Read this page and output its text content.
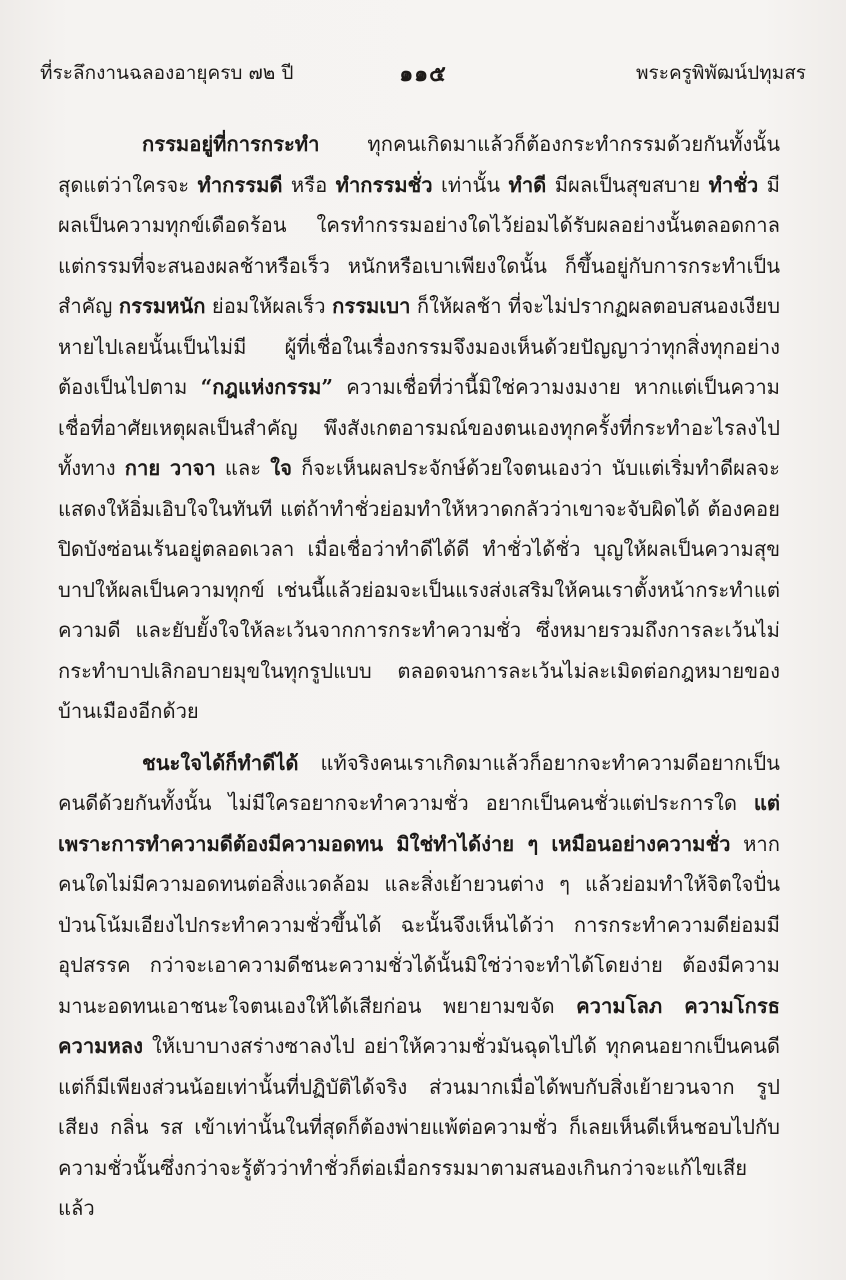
ที่ระลึกงานฉลองอายุครบ ๗๒ ปี	๑๑๕	พระครูพิพัฒน์ปทุมสร

กรรมอยู่ที่การกระทำ ทุกคนเกิดมาแล้วก็ต้องกระทำกรรมด้วยกันทั้งนั้น สุดแต่ว่าใครจะ ทำกรรมดี หรือ ทำกรรมชั่ว เท่านั้น ทำดี มีผลเป็นสุขสบาย ทำชั่ว มีผลเป็นความทุกข์เดือดร้อน ใครทำกรรมอย่างใดไว้ย่อมได้รับผลอย่างนั้นตลอดกาล แต่กรรมที่จะสนองผลช้าหรือเร็ว หนักหรือเบาเพียงใดนั้น ก็ขึ้นอยู่กับการกระทำเป็นสำคัญ กรรมหนัก ย่อมให้ผลเร็ว กรรมเบา ก็ให้ผลช้า ที่จะไม่ปรากฏผลตอบสนองเงียบหายไปเลยนั้นเป็นไม่มี ผู้ที่เชื่อในเรื่องกรรมจึงมองเห็นด้วยปัญญาว่าทุกสิ่งทุกอย่างต้องเป็นไปตาม “กฎแห่งกรรม” ความเชื่อที่ว่านี้มิใช่ความงมงาย หากแต่เป็นความเชื่อที่อาศัยเหตุผลเป็นสำคัญ พึงสังเกตอารมณ์ของตนเองทุกครั้งที่กระทำอะไรลงไป ทั้งทาง กาย วาจา และ ใจ ก็จะเห็นผลประจักษ์ด้วยใจตนเองว่า นับแต่เริ่มทำดีผลจะแสดงให้อิ่มเอิบใจในทันที แต่ถ้าทำชั่วย่อมทำให้หวาดกลัวว่าเขาจะจับผิดได้ ต้องคอยปิดบังซ่อนเร้นอยู่ตลอดเวลา เมื่อเชื่อว่าทำดีได้ดี ทำชั่วได้ชั่ว บุญให้ผลเป็นความสุข บาปให้ผลเป็นความทุกข์ เช่นนี้แล้วย่อมจะเป็นแรงส่งเสริมให้คนเราตั้งหน้ากระทำแต่ความดี และยับยั้งใจให้ละเว้นจากการกระทำความชั่ว ซึ่งหมายรวมถึงการละเว้นไม่กระทำบาปเลิกอบายมุขในทุกรูปแบบ ตลอดจนการละเว้นไม่ละเมิดต่อกฎหมายของบ้านเมืองอีกด้วย

ชนะใจได้ก็ทำดีได้ แท้จริงคนเราเกิดมาแล้วก็อยากจะทำความดีอยากเป็นคนดีด้วยกันทั้งนั้น ไม่มีใครอยากจะทำความชั่ว อยากเป็นคนชั่วแต่ประการใด แต่เพราะการทำความดีต้องมีความอดทน มิใช่ทำได้ง่าย ๆ เหมือนอย่างความชั่ว หากคนใดไม่มีความอดทนต่อสิ่งแวดล้อม และสิ่งเย้ายวนต่าง ๆ แล้วย่อมทำให้จิตใจปั่นป่วนโน้มเอียงไปกระทำความชั่วขึ้นได้ ฉะนั้นจึงเห็นได้ว่า การกระทำความดีย่อมมีอุปสรรค กว่าจะเอาความดีชนะความชั่วได้นั้นมิใช่ว่าจะทำได้โดยง่าย ต้องมีความมานะอดทนเอาชนะใจตนเองให้ได้เสียก่อน พยายามขจัด ความโลภ ความโกรธ ความหลง ให้เบาบางสร่างซาลงไป อย่าให้ความชั่วมันฉุดไปได้ ทุกคนอยากเป็นคนดี แต่ก็มีเพียงส่วนน้อยเท่านั้นที่ปฏิบัติได้จริง ส่วนมากเมื่อได้พบกับสิ่งเย้ายวนจาก รูป เสียง กลิ่น รส เข้าเท่านั้นในที่สุดก็ต้องพ่ายแพ้ต่อความชั่ว ก็เลยเห็นดีเห็นชอบไปกับความชั่วนั้นซึ่งกว่าจะรู้ตัวว่าทำชั่วก็ต่อเมื่อกรรมมาตามสนองเกินกว่าจะแก้ไขเสียแล้ว
